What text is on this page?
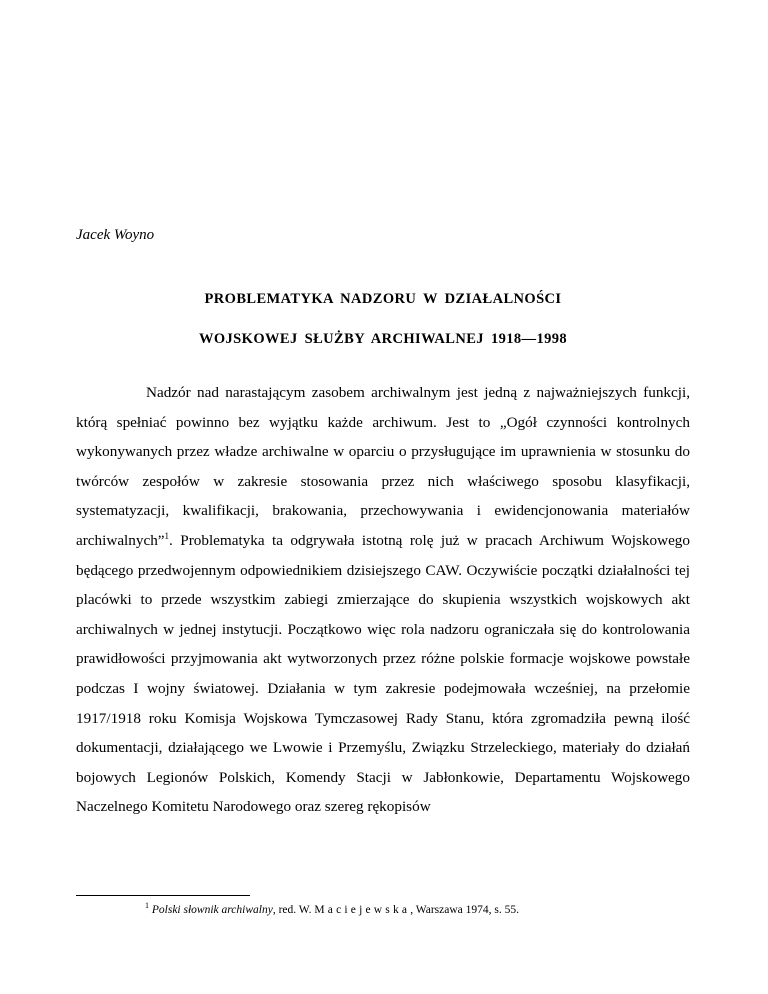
Jacek Woyno

PROBLEMATYKA NADZORU W DZIAŁALNOŚCI

WOJSKOWEJ SŁUŻBY ARCHIWALNEJ 1918—1998

Nadzór nad narastającym zasobem archiwalnym jest jedną z najważniejszych funkcji, którą spełniać powinno bez wyjątku każde archiwum. Jest to „Ogół czynności kontrolnych wykonywanych przez władze archiwalne w oparciu o przysługujące im uprawnienia w stosunku do twórców zespołów w zakresie stosowania przez nich właściwego sposobu klasyfikacji, systematyzacji, kwalifikacji, brakowania, przechowywania i ewidencjonowania materiałów archiwalnych”$^1$. Problematyka ta odgrywała istotną rolę już w pracach Archiwum Wojskowego będącego przedwojennym odpowiednikiem dzisiejszego CAW. Oczywiście początki działalności tej placówki to przede wszystkim zabiegi zmierzające do skupienia wszystkich wojskowych akt archiwalnych w jednej instytucji. Początkowo więc rola nadzoru ograniczała się do kontrolowania prawidłowości przyjmowania akt wytworzonych przez różne polskie formacje wojskowe powstałe podczas I wojny światowej. Działania w tym zakresie podejmowała wcześniej, na przełomie 1917/1918 roku Komisja Wojskowa Tymczasowej Rady Stanu, która zgromadziła pewną ilość dokumentacji, działającego we Lwowie i Przemyślu, Związku Strzeleckiego, materiały do działań bojowych Legionów Polskich, Komendy Stacji w Jabłonkowie, Departamentu Wojskowego Naczelnego Komitetu Narodowego oraz szereg rękopisów

$^1$ Polski słownik archiwalny, red. W. Maciejewska, Warszawa 1974, s. 55.
